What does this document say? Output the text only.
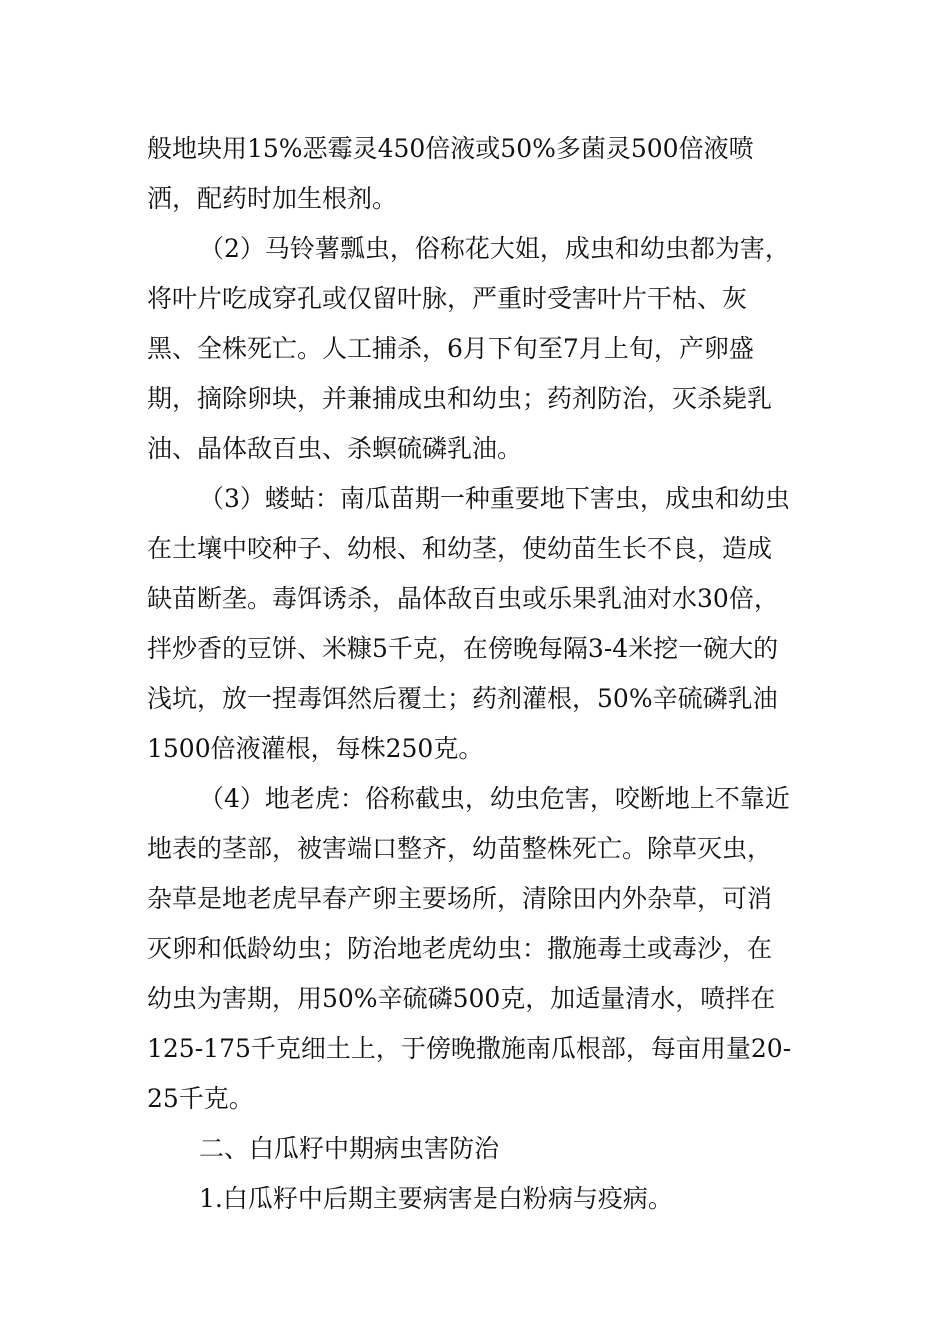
般地块用15%恶霉灵450倍液或50%多菌灵500倍液喷
洒，配药时加生根剂。
（2）马铃薯瓢虫，俗称花大姐，成虫和幼虫都为害，
将叶片吃成穿孔或仅留叶脉，严重时受害叶片干枯、灰
黑、全株死亡。人工捕杀，6月下旬至7月上旬，产卵盛
期，摘除卵块，并兼捕成虫和幼虫；药剂防治，灭杀毙乳
油、晶体敌百虫、杀螟硫磷乳油。
（3）蝼蛄：南瓜苗期一种重要地下害虫，成虫和幼虫
在土壤中咬种子、幼根、和幼茎，使幼苗生长不良，造成
缺苗断垄。毒饵诱杀，晶体敌百虫或乐果乳油对水30倍，
拌炒香的豆饼、米糠5千克，在傍晚每隔3-4米挖一碗大的
浅坑，放一捏毒饵然后覆土；药剂灌根，50%辛硫磷乳油
1500倍液灌根，每株250克。
（4）地老虎：俗称截虫，幼虫危害，咬断地上不靠近
地表的茎部，被害端口整齐，幼苗整株死亡。除草灭虫，
杂草是地老虎早春产卵主要场所，清除田内外杂草，可消
灭卵和低龄幼虫；防治地老虎幼虫：撒施毒土或毒沙，在
幼虫为害期，用50%辛硫磷500克，加适量清水，喷拌在
125-175千克细土上，于傍晚撒施南瓜根部，每亩用量20-
25千克。
二、白瓜籽中期病虫害防治
1.白瓜籽中后期主要病害是白粉病与疫病。
